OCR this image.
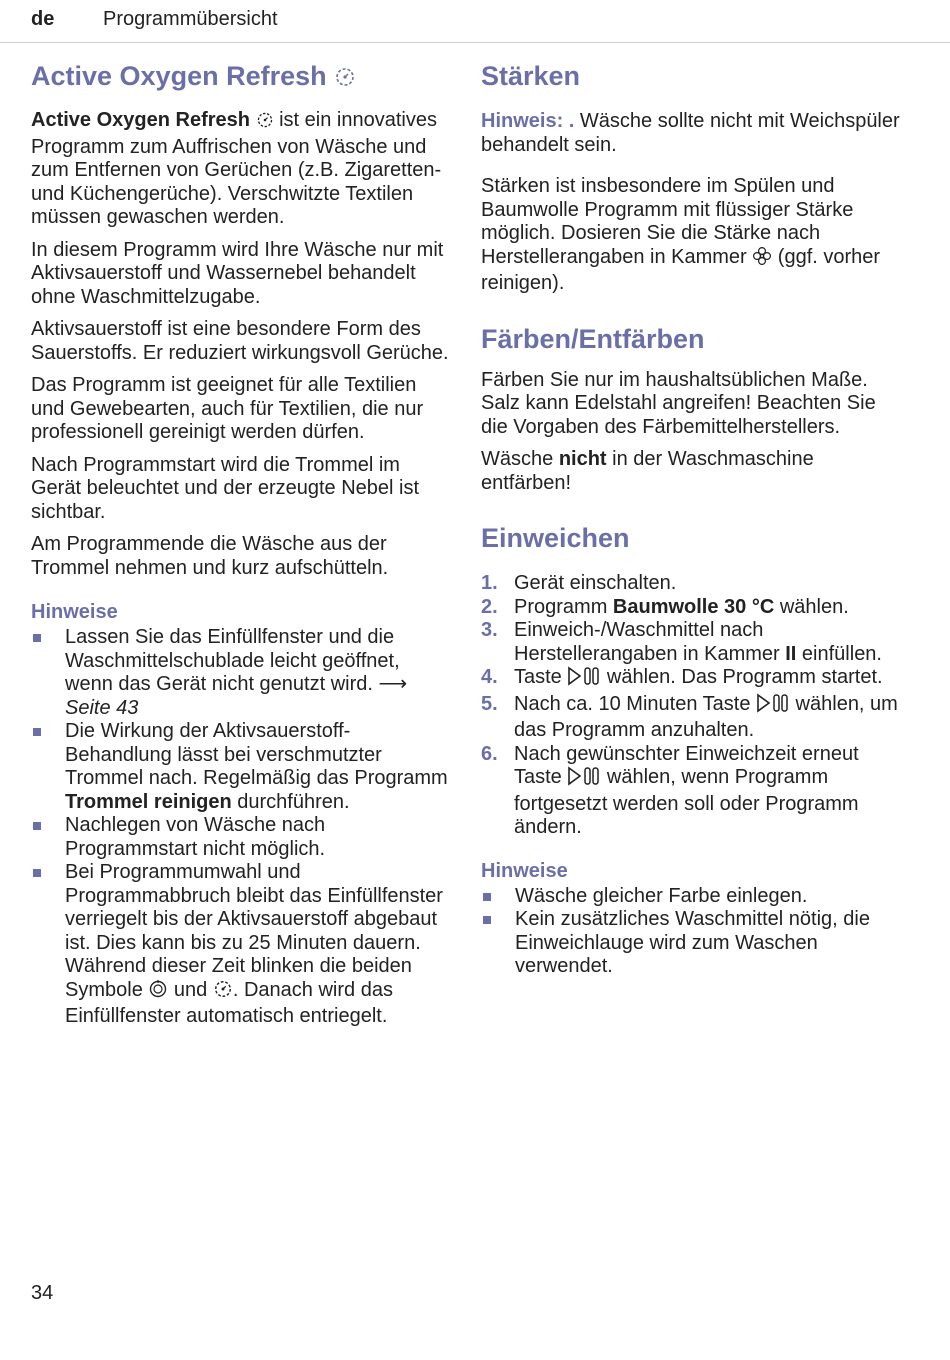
de Programmübersicht
Active Oxygen Refresh

Active Oxygen Refresh  ist ein innovatives Programm zum Auffrischen von Wäsche und zum Entfernen von Gerüchen (z.B. Zigaretten- und Küchengerüche). Verschwitzte Textilen müssen gewaschen werden.

In diesem Programm wird Ihre Wäsche nur mit Aktivsauerstoff und Wassernebel behandelt ohne Waschmittelzugabe.

Aktivsauerstoff ist eine besondere Form des Sauerstoffs. Er reduziert wirkungsvoll Gerüche.

Das Programm ist geeignet für alle Textilien und Gewebearten, auch für Textilien, die nur professionell gereinigt werden dürfen.

Nach Programmstart wird die Trommel im Gerät beleuchtet und der erzeugte Nebel ist sichtbar.

Am Programmende die Wäsche aus der Trommel nehmen und kurz aufschütteln.

Hinweise
Lassen Sie das Einfüllfenster und die Waschmittelschublade leicht geöffnet, wenn das Gerät nicht genutzt wird. ⟶ Seite 43
Die Wirkung der Aktivsauerstoff-Behandlung lässt bei verschmutzter Trommel nach. Regelmäßig das Programm Trommel reinigen durchführen.
Nachlegen von Wäsche nach Programmstart nicht möglich.
Bei Programmumwahl und Programmabbruch bleibt das Einfüllfenster verriegelt bis der Aktivsauerstoff abgebaut ist. Dies kann bis zu 25 Minuten dauern. Während dieser Zeit blinken die beiden Symbole  und . Danach wird das Einfüllfenster automatisch entriegelt.
Stärken

Hinweis: . Wäsche sollte nicht mit Weichspüler behandelt sein.

Stärken ist insbesondere im Spülen und Baumwolle Programm mit flüssiger Stärke möglich. Dosieren Sie die Stärke nach Herstellerangaben in Kammer  (ggf. vorher reinigen).

Färben/Entfärben

Färben Sie nur im haushaltsüblichen Maße. Salz kann Edelstahl angreifen! Beachten Sie die Vorgaben des Färbemittelherstellers.

Wäsche nicht in der Waschmaschine entfärben!

Einweichen
1. Gerät einschalten.
2. Programm Baumwolle 30 °C wählen.
3. Einweich-/Waschmittel nach Herstellerangaben in Kammer II einfüllen.
4. Taste  wählen. Das Programm startet.
5. Nach ca. 10 Minuten Taste  wählen, um das Programm anzuhalten.
6. Nach gewünschter Einweichzeit erneut Taste  wählen, wenn Programm fortgesetzt werden soll oder Programm ändern.
Hinweise
Wäsche gleicher Farbe einlegen.
Kein zusätzliches Waschmittel nötig, die Einweichlauge wird zum Waschen verwendet.
34
